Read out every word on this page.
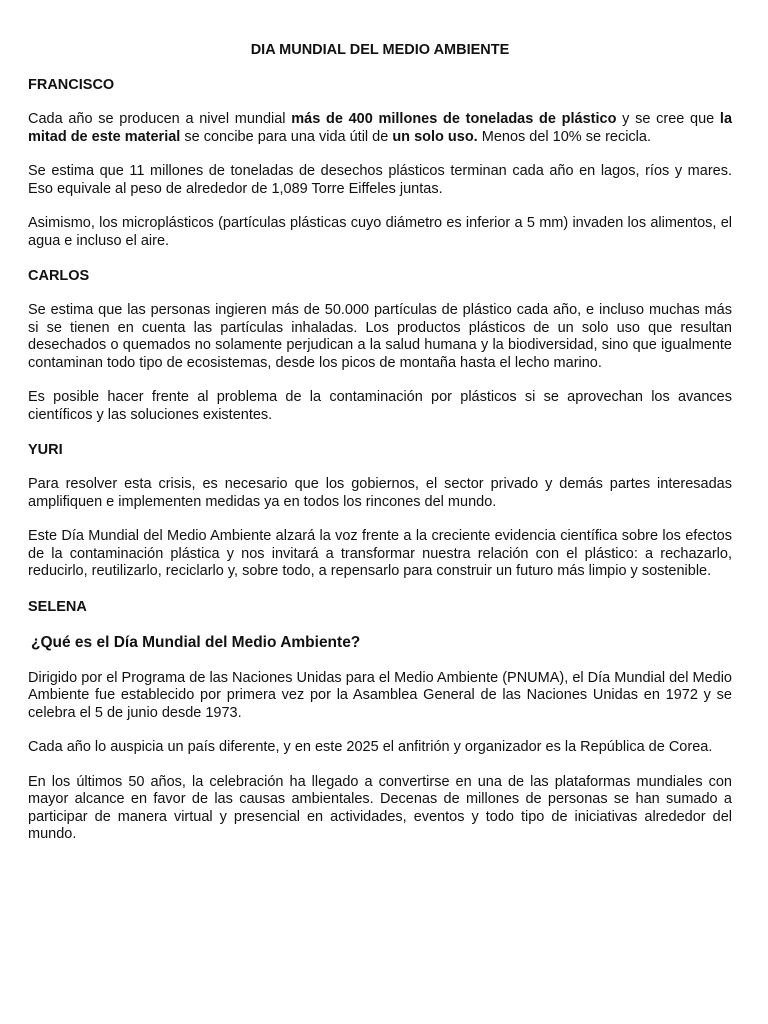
DIA MUNDIAL DEL MEDIO AMBIENTE
FRANCISCO

Cada año se producen a nivel mundial más de 400 millones de toneladas de plástico y se cree que la mitad de este material se concibe para una vida útil de un solo uso. Menos del 10% se recicla.

Se estima que 11 millones de toneladas de desechos plásticos terminan cada año en lagos, ríos y mares. Eso equivale al peso de alrededor de 1,089 Torre Eiffeles juntas.

Asimismo, los microplásticos (partículas plásticas cuyo diámetro es inferior a 5 mm) invaden los alimentos, el agua e incluso el aire.

CARLOS

Se estima que las personas ingieren más de 50.000 partículas de plástico cada año, e incluso muchas más si se tienen en cuenta las partículas inhaladas. Los productos plásticos de un solo uso que resultan desechados o quemados no solamente perjudican a la salud humana y la biodiversidad, sino que igualmente contaminan todo tipo de ecosistemas, desde los picos de montaña hasta el lecho marino.

Es posible hacer frente al problema de la contaminación por plásticos si se aprovechan los avances científicos y las soluciones existentes.

YURI

Para resolver esta crisis, es necesario que los gobiernos, el sector privado y demás partes interesadas amplifiquen e implementen medidas ya en todos los rincones del mundo.

Este Día Mundial del Medio Ambiente alzará la voz frente a la creciente evidencia científica sobre los efectos de la contaminación plástica y nos invitará a transformar nuestra relación con el plástico: a rechazarlo, reducirlo, reutilizarlo, reciclarlo y, sobre todo, a repensarlo para construir un futuro más limpio y sostenible.

SELENA
¿Qué es el Día Mundial del Medio Ambiente?

Dirigido por el Programa de las Naciones Unidas para el Medio Ambiente (PNUMA), el Día Mundial del Medio Ambiente fue establecido por primera vez por la Asamblea General de las Naciones Unidas en 1972 y se celebra el 5 de junio desde 1973.

Cada año lo auspicia un país diferente, y en este 2025 el anfitrión y organizador es la República de Corea.

En los últimos 50 años, la celebración ha llegado a convertirse en una de las plataformas mundiales con mayor alcance en favor de las causas ambientales. Decenas de millones de personas se han sumado a participar de manera virtual y presencial en actividades, eventos y todo tipo de iniciativas alrededor del mundo.
